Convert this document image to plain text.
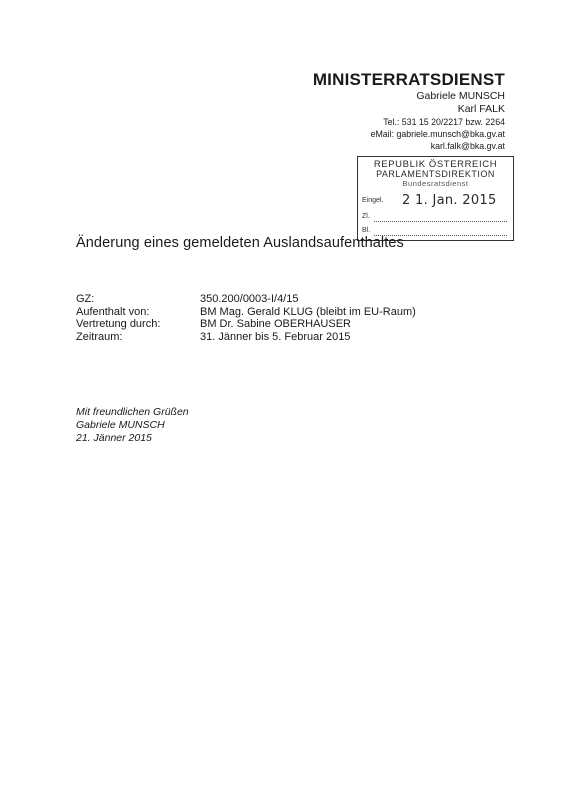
MINISTERRATSDIENST
Gabriele MUNSCH
Karl FALK
Tel.: 531 15 20/2217 bzw. 2264
eMail: gabriele.munsch@bka.gv.at
karl.falk@bka.gv.at
REPUBLIK ÖSTERREICH
PARLAMENTSDIREKTION
Bundesratsdienst
Eingel. 2 1. Jan. 2015
Zl.
Bl.
Änderung eines gemeldeten Auslandsaufenthaltes
GZ:	350.200/0003-I/4/15
Aufenthalt von:	BM Mag. Gerald KLUG (bleibt im EU-Raum)
Vertretung durch:	BM Dr. Sabine OBERHAUSER
Zeitraum:	31. Jänner bis 5. Februar 2015
Mit freundlichen Grüßen
Gabriele MUNSCH
21. Jänner 2015
